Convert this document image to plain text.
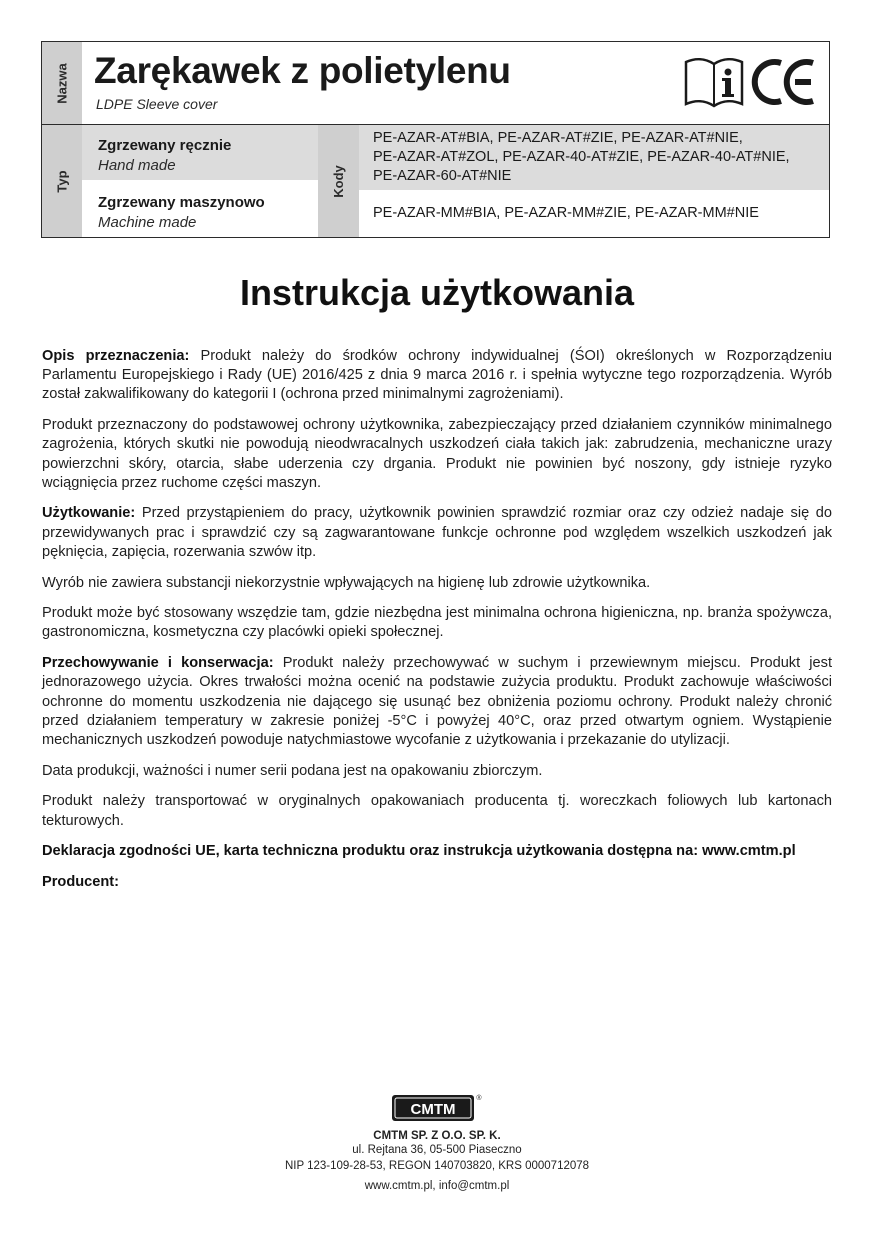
Nazwa Zarękawek z polietylenu
LDPE Sleeve cover
Typ
Zgrzewany ręcznie
Hand made
Zgrzewany maszynowo
Machine made
Kody
PE-AZAR-AT#BIA, PE-AZAR-AT#ZIE, PE-AZAR-AT#NIE,
PE-AZAR-AT#ZOL, PE-AZAR-40-AT#ZIE, PE-AZAR-40-AT#NIE,
PE-AZAR-60-AT#NIE
PE-AZAR-MM#BIA, PE-AZAR-MM#ZIE, PE-AZAR-MM#NIE
Instrukcja użytkowania

Opis przeznaczenia: Produkt należy do środków ochrony indywidualnej (ŚOI) określonych w Rozporządzeniu Parlamentu Europejskiego i Rady (UE) 2016/425 z dnia 9 marca 2016 r. i spełnia wytyczne tego rozporządzenia. Wyrób został zakwalifikowany do kategorii I (ochrona przed minimalnymi zagrożeniami).

Produkt przeznaczony do podstawowej ochrony użytkownika, zabezpieczający przed działaniem czynników minimalnego zagrożenia, których skutki nie powodują nieodwracalnych uszkodzeń ciała takich jak: zabrudzenia, mechaniczne urazy powierzchni skóry, otarcia, słabe uderzenia czy drgania. Produkt nie powinien być noszony, gdy istnieje ryzyko wciągnięcia przez ruchome części maszyn.

Użytkowanie: Przed przystąpieniem do pracy, użytkownik powinien sprawdzić rozmiar oraz czy odzież nadaje się do przewidywanych prac i sprawdzić czy są zagwarantowane funkcje ochronne pod względem wszelkich uszkodzeń jak pęknięcia, zapięcia, rozerwania szwów itp.

Wyrób nie zawiera substancji niekorzystnie wpływających na higienę lub zdrowie użytkownika.

Produkt może być stosowany wszędzie tam, gdzie niezbędna jest minimalna ochrona higieniczna, np. branża spożywcza, gastronomiczna, kosmetyczna czy placówki opieki społecznej.

Przechowywanie i konserwacja: Produkt należy przechowywać w suchym i przewiewnym miejscu. Produkt jest jednorazowego użycia. Okres trwałości można ocenić na podstawie zużycia produktu. Produkt zachowuje właściwości ochronne do momentu uszkodzenia nie dającego się usunąć bez obniżenia poziomu ochrony. Produkt należy chronić przed działaniem temperatury w zakresie poniżej -5°C i powyżej 40°C, oraz przed otwartym ogniem. Wystąpienie mechanicznych uszkodzeń powoduje natychmiastowe wycofanie z użytkowania i przekazanie do utylizacji.

Data produkcji, ważności i numer serii podana jest na opakowaniu zbiorczym.

Produkt należy transportować w oryginalnych opakowaniach producenta tj. woreczkach foliowych lub kartonach tekturowych.

Deklaracja zgodności UE, karta techniczna produktu oraz instrukcja użytkowania dostępna na: www.cmtm.pl

Producent:

CMTM
®
CMTM SP. Z O.O. SP. K.
ul. Rejtana 36, 05-500 Piaseczno
NIP 123-109-28-53, REGON 140703820, KRS 0000712078
www.cmtm.pl, info@cmtm.pl
